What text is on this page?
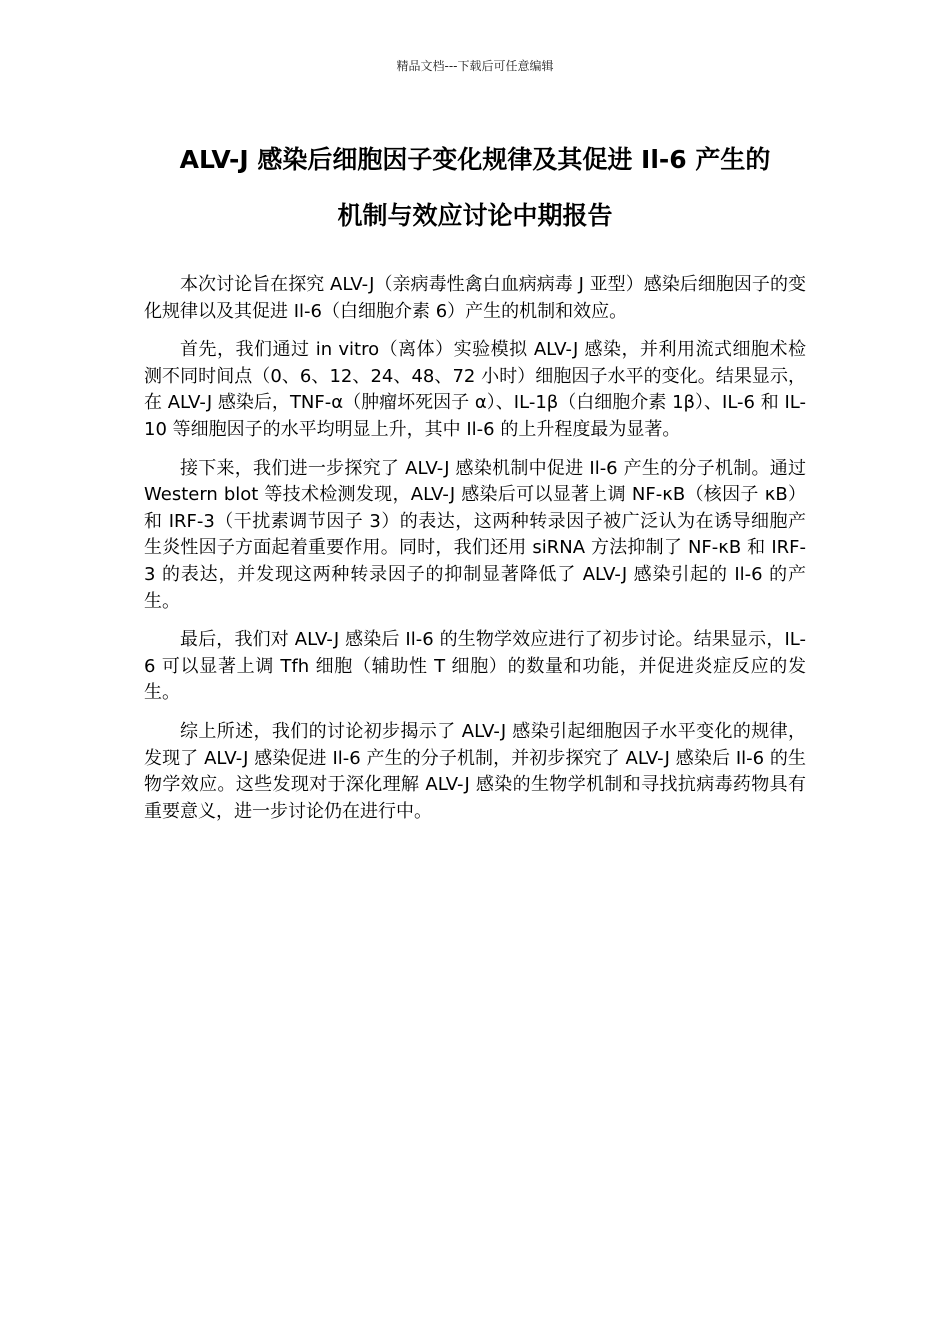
精品文档---下载后可任意编辑
ALV-J 感染后细胞因子变化规律及其促进 Il-6 产生的
机制与效应讨论中期报告

本次讨论旨在探究 ALV-J（亲病毒性禽白血病病毒 J 亚型）感染后细胞因子的变化规律以及其促进 Il-6（白细胞介素 6）产生的机制和效应。

首先，我们通过 in vitro（离体）实验模拟 ALV-J 感染，并利用流式细胞术检测不同时间点（0、6、12、24、48、72 小时）细胞因子水平的变化。结果显示，在 ALV-J 感染后，TNF-α（肿瘤坏死因子 α）、IL-1β（白细胞介素 1β）、IL-6 和 IL-10 等细胞因子的水平均明显上升，其中 Il-6 的上升程度最为显著。

接下来，我们进一步探究了 ALV-J 感染机制中促进 Il-6 产生的分子机制。通过 Western blot 等技术检测发现，ALV-J 感染后可以显著上调 NF-κB（核因子 κB）和 IRF-3（干扰素调节因子 3）的表达，这两种转录因子被广泛认为在诱导细胞产生炎性因子方面起着重要作用。同时，我们还用 siRNA 方法抑制了 NF-κB 和 IRF-3 的表达，并发现这两种转录因子的抑制显著降低了 ALV-J 感染引起的 Il-6 的产生。

最后，我们对 ALV-J 感染后 Il-6 的生物学效应进行了初步讨论。结果显示，IL-6 可以显著上调 Tfh 细胞（辅助性 T 细胞）的数量和功能，并促进炎症反应的发生。

综上所述，我们的讨论初步揭示了 ALV-J 感染引起细胞因子水平变化的规律，发现了 ALV-J 感染促进 Il-6 产生的分子机制，并初步探究了 ALV-J 感染后 Il-6 的生物学效应。这些发现对于深化理解 ALV-J 感染的生物学机制和寻找抗病毒药物具有重要意义，进一步讨论仍在进行中。
